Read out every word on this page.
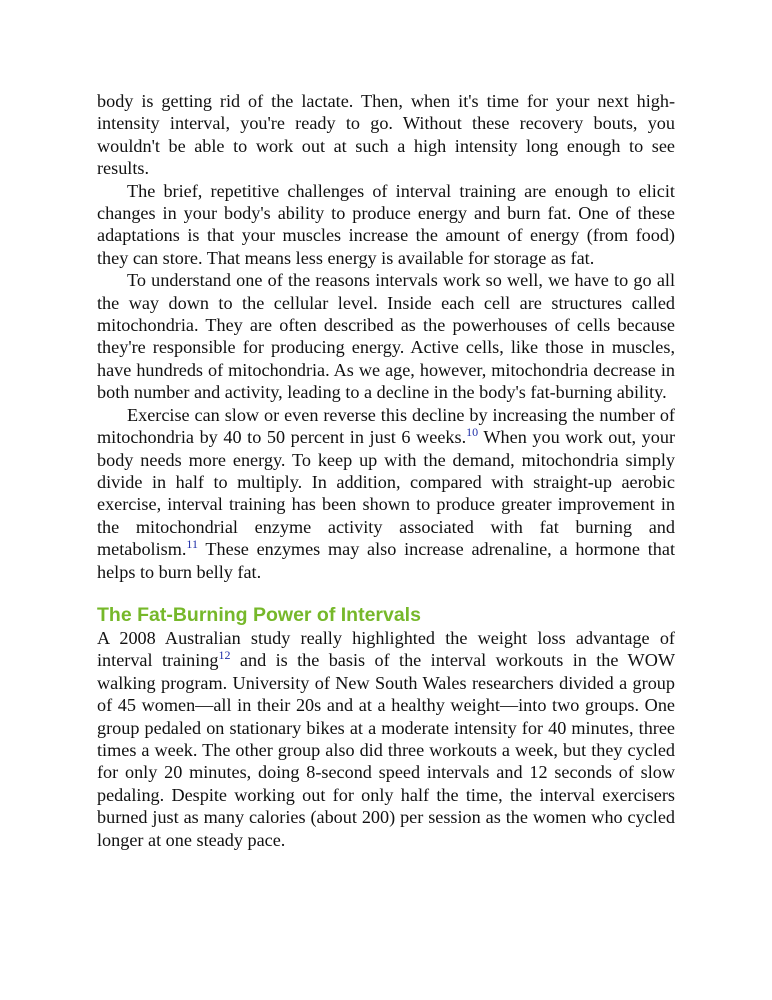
body is getting rid of the lactate. Then, when it's time for your next high-intensity interval, you're ready to go. Without these recovery bouts, you wouldn't be able to work out at such a high intensity long enough to see results.

The brief, repetitive challenges of interval training are enough to elicit changes in your body's ability to produce energy and burn fat. One of these adaptations is that your muscles increase the amount of energy (from food) they can store. That means less energy is available for storage as fat.

To understand one of the reasons intervals work so well, we have to go all the way down to the cellular level. Inside each cell are structures called mitochondria. They are often described as the powerhouses of cells because they're responsible for producing energy. Active cells, like those in muscles, have hundreds of mitochondria. As we age, however, mitochondria decrease in both number and activity, leading to a decline in the body's fat-burning ability.

Exercise can slow or even reverse this decline by increasing the number of mitochondria by 40 to 50 percent in just 6 weeks.$^{10}$ When you work out, your body needs more energy. To keep up with the demand, mitochondria simply divide in half to multiply. In addition, compared with straight-up aerobic exercise, interval training has been shown to produce greater improvement in the mitochondrial enzyme activity associated with fat burning and metabolism.$^{11}$ These enzymes may also increase adrenaline, a hormone that helps to burn belly fat.

The Fat-Burning Power of Intervals

A 2008 Australian study really highlighted the weight loss advantage of interval training$^{12}$ and is the basis of the interval workouts in the WOW walking program. University of New South Wales researchers divided a group of 45 women—all in their 20s and at a healthy weight—into two groups. One group pedaled on stationary bikes at a moderate intensity for 40 minutes, three times a week. The other group also did three workouts a week, but they cycled for only 20 minutes, doing 8-second speed intervals and 12 seconds of slow pedaling. Despite working out for only half the time, the interval exercisers burned just as many calories (about 200) per session as the women who cycled longer at one steady pace.
